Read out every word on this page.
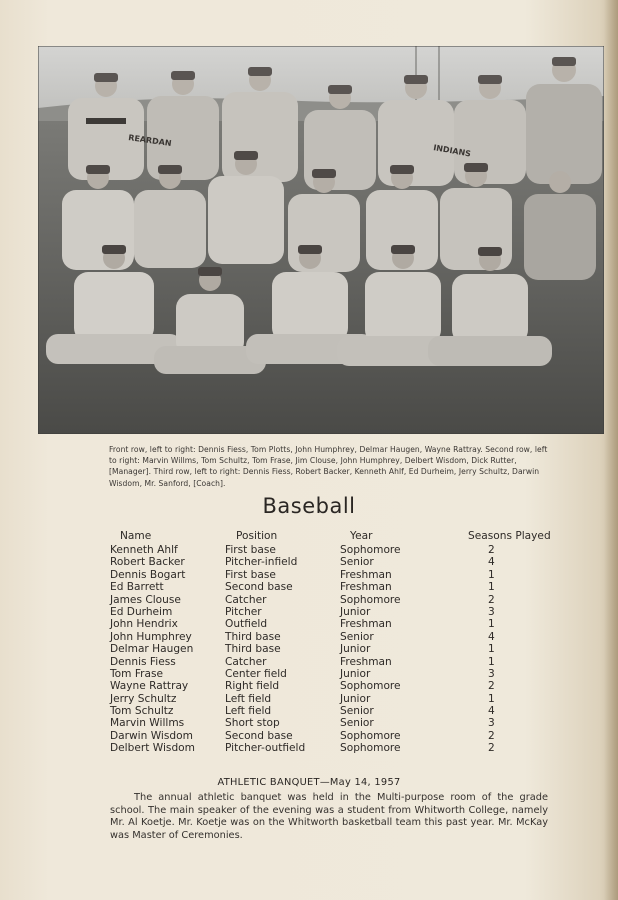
REARDAN
INDIANS
Front row, left to right: Dennis Fiess, Tom Plotts, John Humphrey, Delmar Haugen, Wayne Rattray. Second row, left to right: Marvin Willms, Tom Schultz, Tom Frase, Jim Clouse, John Humphrey, Delbert Wisdom, Dick Rutter, [Manager]. Third row, left to right: Dennis Fiess, Robert Backer, Kenneth Ahlf, Ed Durheim, Jerry Schultz, Darwin Wisdom, Mr. Sanford, [Coach].
Baseball
Name	Position	Year	Seasons Played
Kenneth Ahlf	First base	Sophomore	2
Robert Backer	Pitcher-infield	Senior	4
Dennis Bogart	First base	Freshman	1
Ed Barrett	Second base	Freshman	1
James Clouse	Catcher	Sophomore	2
Ed Durheim	Pitcher	Junior	3
John Hendrix	Outfield	Freshman	1
John Humphrey	Third base	Senior	4
Delmar Haugen	Third base	Junior	1
Dennis Fiess	Catcher	Freshman	1
Tom Frase	Center field	Junior	3
Wayne Rattray	Right field	Sophomore	2
Jerry Schultz	Left field	Junior	1
Tom Schultz	Left field	Senior	4
Marvin Willms	Short stop	Senior	3
Darwin Wisdom	Second base	Sophomore	2
Delbert Wisdom	Pitcher-outfield	Sophomore	2
ATHLETIC BANQUET—May 14, 1957
The annual athletic banquet was held in the Multi-purpose room of the grade school. The main speaker of the evening was a student from Whitworth College, namely Mr. Al Koetje. Mr. Koetje was on the Whitworth basketball team this past year. Mr. McKay was Master of Ceremonies.
